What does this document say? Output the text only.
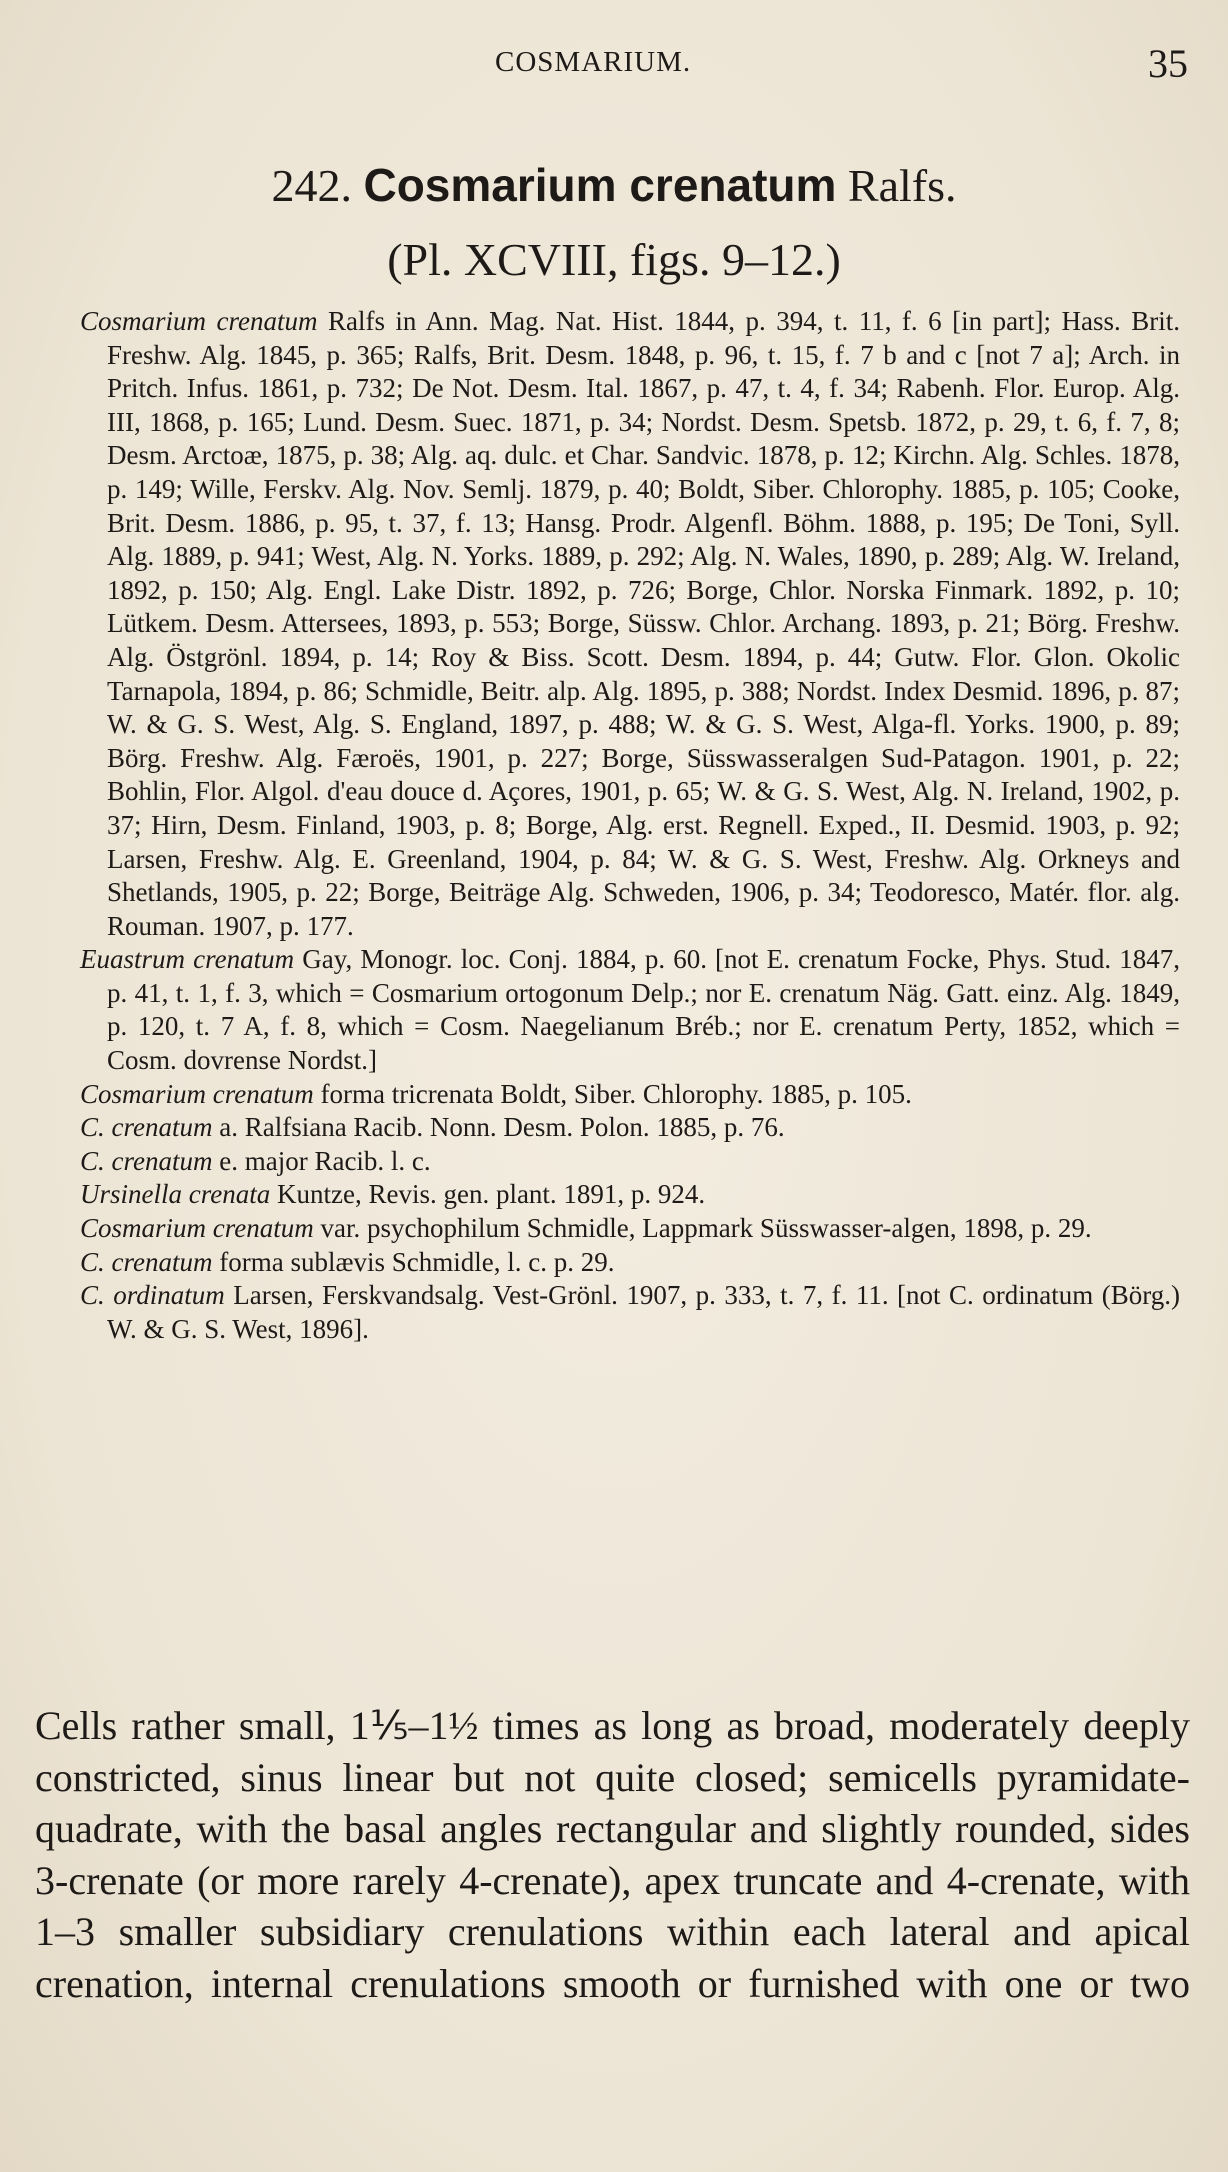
COSMARIUM.	35
242. Cosmarium crenatum Ralfs.
(Pl. XCVIII, figs. 9–12.)

Cosmarium crenatum Ralfs in Ann. Mag. Nat. Hist. 1844, p. 394, t. 11, f. 6 [in part]; Hass. Brit. Freshw. Alg. 1845, p. 365; Ralfs, Brit. Desm. 1848, p. 96, t. 15, f. 7 b and c [not 7 a]; Arch. in Pritch. Infus. 1861, p. 732; De Not. Desm. Ital. 1867, p. 47, t. 4, f. 34; Rabenh. Flor. Europ. Alg. III, 1868, p. 165; Lund. Desm. Suec. 1871, p. 34; Nordst. Desm. Spetsb. 1872, p. 29, t. 6, f. 7, 8; Desm. Arctoæ, 1875, p. 38; Alg. aq. dulc. et Char. Sandvic. 1878, p. 12; Kirchn. Alg. Schles. 1878, p. 149; Wille, Ferskv. Alg. Nov. Semlj. 1879, p. 40; Boldt, Siber. Chlorophy. 1885, p. 105; Cooke, Brit. Desm. 1886, p. 95, t. 37, f. 13; Hansg. Prodr. Algenfl. Böhm. 1888, p. 195; De Toni, Syll. Alg. 1889, p. 941; West, Alg. N. Yorks. 1889, p. 292; Alg. N. Wales, 1890, p. 289; Alg. W. Ireland, 1892, p. 150; Alg. Engl. Lake Distr. 1892, p. 726; Borge, Chlor. Norska Finmark. 1892, p. 10; Lütkem. Desm. Attersees, 1893, p. 553; Borge, Süssw. Chlor. Archang. 1893, p. 21; Börg. Freshw. Alg. Östgrönl. 1894, p. 14; Roy & Biss. Scott. Desm. 1894, p. 44; Gutw. Flor. Glon. Okolic Tarnapola, 1894, p. 86; Schmidle, Beitr. alp. Alg. 1895, p. 388; Nordst. Index Desmid. 1896, p. 87; W. & G. S. West, Alg. S. England, 1897, p. 488; W. & G. S. West, Alga-fl. Yorks. 1900, p. 89; Börg. Freshw. Alg. Færoës, 1901, p. 227; Borge, Süsswasseralgen Sud-Patagon. 1901, p. 22; Bohlin, Flor. Algol. d'eau douce d. Açores, 1901, p. 65; W. & G. S. West, Alg. N. Ireland, 1902, p. 37; Hirn, Desm. Finland, 1903, p. 8; Borge, Alg. erst. Regnell. Exped., II. Desmid. 1903, p. 92; Larsen, Freshw. Alg. E. Greenland, 1904, p. 84; W. & G. S. West, Freshw. Alg. Orkneys and Shetlands, 1905, p. 22; Borge, Beiträge Alg. Schweden, 1906, p. 34; Teodoresco, Matér. flor. alg. Rouman. 1907, p. 177.

Euastrum crenatum Gay, Monogr. loc. Conj. 1884, p. 60. [not E. crenatum Focke, Phys. Stud. 1847, p. 41, t. 1, f. 3, which = Cosmarium ortogonum Delp.; nor E. crenatum Näg. Gatt. einz. Alg. 1849, p. 120, t. 7 A, f. 8, which = Cosm. Naegelianum Bréb.; nor E. crenatum Perty, 1852, which = Cosm. dovrense Nordst.]

Cosmarium crenatum forma tricrenata Boldt, Siber. Chlorophy. 1885, p. 105.

C. crenatum a. Ralfsiana Racib. Nonn. Desm. Polon. 1885, p. 76.

C. crenatum e. major Racib. l. c.

Ursinella crenata Kuntze, Revis. gen. plant. 1891, p. 924.

Cosmarium crenatum var. psychophilum Schmidle, Lappmark Süsswasser-algen, 1898, p. 29.

C. crenatum forma sublævis Schmidle, l. c. p. 29.

C. ordinatum Larsen, Ferskvandsalg. Vest-Grönl. 1907, p. 333, t. 7, f. 11. [not C. ordinatum (Börg.) W. & G. S. West, 1896].

Cells rather small, 1⅕–1½ times as long as broad, moderately deeply constricted, sinus linear but not quite closed; semicells pyramidate-quadrate, with the basal angles rectangular and slightly rounded, sides 3-crenate (or more rarely 4-crenate), apex truncate and 4-crenate, with 1–3 smaller subsidiary crenulations within each lateral and apical crenation, internal crenulations smooth or furnished with one or two
